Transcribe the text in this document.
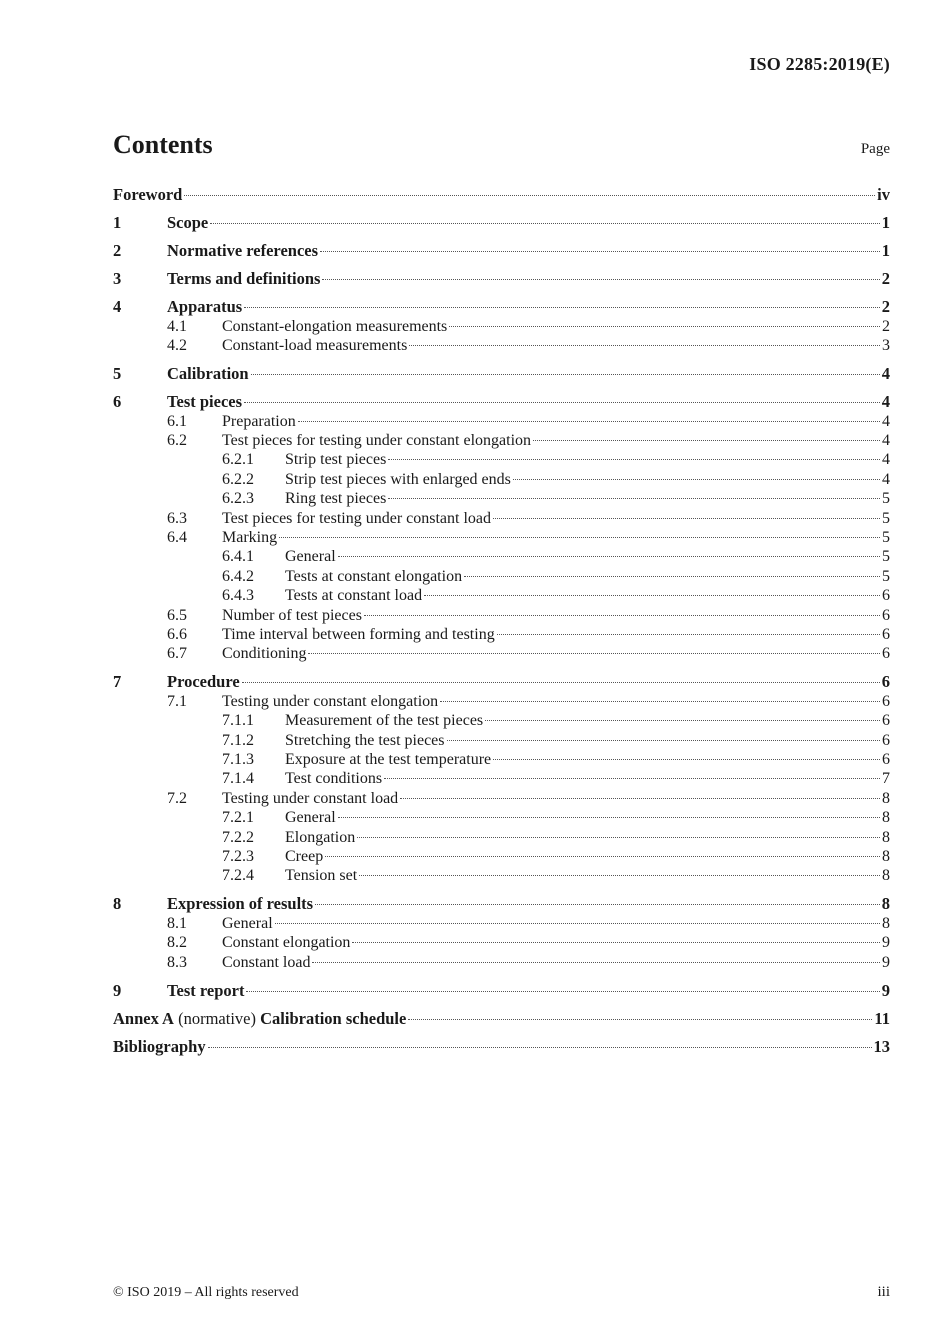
ISO 2285:2019(E)
Contents	Page
Foreword	iv
1	Scope	1
2	Normative references	1
3	Terms and definitions	2
4	Apparatus	2
4.1	Constant-elongation measurements	2
4.2	Constant-load measurements	3
5	Calibration	4
6	Test pieces	4
6.1	Preparation	4
6.2	Test pieces for testing under constant elongation	4
6.2.1	Strip test pieces	4
6.2.2	Strip test pieces with enlarged ends	4
6.2.3	Ring test pieces	5
6.3	Test pieces for testing under constant load	5
6.4	Marking	5
6.4.1	General	5
6.4.2	Tests at constant elongation	5
6.4.3	Tests at constant load	6
6.5	Number of test pieces	6
6.6	Time interval between forming and testing	6
6.7	Conditioning	6
7	Procedure	6
7.1	Testing under constant elongation	6
7.1.1	Measurement of the test pieces	6
7.1.2	Stretching the test pieces	6
7.1.3	Exposure at the test temperature	6
7.1.4	Test conditions	7
7.2	Testing under constant load	8
7.2.1	General	8
7.2.2	Elongation	8
7.2.3	Creep	8
7.2.4	Tension set	8
8	Expression of results	8
8.1	General	8
8.2	Constant elongation	9
8.3	Constant load	9
9	Test report	9
Annex A (normative) Calibration schedule	11
Bibliography	13
© ISO 2019 – All rights reserved	iii
